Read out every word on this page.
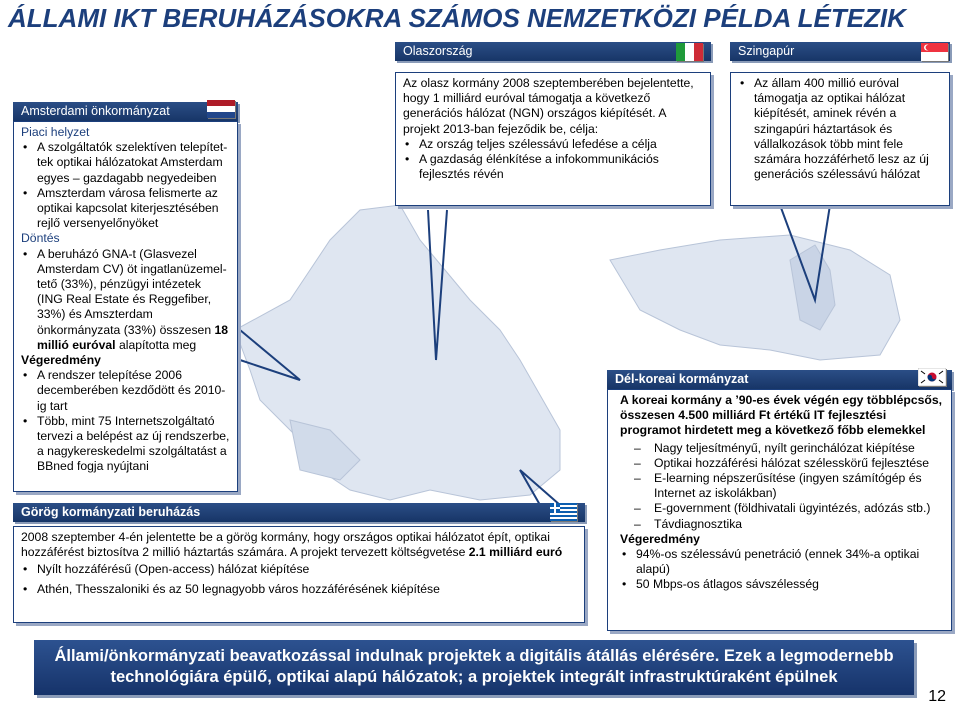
ÁLLAMI IKT BERUHÁZÁSOKRA SZÁMOS NEMZETKÖZI PÉLDA LÉTEZIK
Olaszország

Az olasz kormány 2008 szeptemberében bejelentette, hogy 1 milliárd euróval támogatja a következő generációs hálózat (NGN) országos kiépítését. A projekt 2013-ban fejeződik be, célja:

• Az ország teljes szélessávú lefedése a célja
• A gazdaság élénkítése a infokommunikációs fejlesztés révén
Szingapúr
• Az állam 400 millió euróval támogatja az optikai hálózat kiépítését, aminek révén a szingapúri háztartások és vállalkozások több mint fele számára hozzáférhető lesz az új generációs szélessávú hálózat
Amsterdami önkormányzat

Piaci helyzet

• A szolgáltatók szelektíven telepítet-tek optikai hálózatokat Amsterdam egyes – gazdagabb negyedeiben
• Amszterdam városa felismerte az optikai kapcsolat kiterjesztésében rejlő versenyelőnyöket

Döntés

• A beruházó GNA-t (Glasvezel Amsterdam CV) öt ingatlanüzemel-tető (33%), pénzügyi intézetek (ING Real Estate és Reggefiber, 33%) és Amszterdam önkormányzata (33%) összesen 18 millió euróval alapította meg

Végeredmény

• A rendszer telepítése 2006 decemberében kezdődött és 2010-ig tart
• Több, mint 75 Internetszolgáltató tervezi a belépést az új rendszerbe, a nagykereskedelmi szolgáltatást a BBned fogja nyújtani
Dél-koreai kormányzat

A koreai kormány a ’90-es évek végén egy többlépcsős, összesen 4.500 milliárd Ft értékű IT fejlesztési programot hirdetett meg a következő főbb elemekkel

– Nagy teljesítményű, nyílt gerinchálózat kiépítése
– Optikai hozzáférési hálózat szélesskörű fejlesztése
– E-learning népszerűsítése (ingyen számítógép és Internet az iskolákban)
– E-government (földhivatali ügyintézés, adózás stb.)
– Távdiagnosztika

Végeredmény

• 94%-os szélessávú penetráció (ennek 34%-a optikai alapú)
• 50 Mbps-os átlagos sávszélesség
Görög kormányzati beruházás

2008 szeptember 4-én jelentette be a görög kormány, hogy országos optikai hálózatot épít, optikai hozzáférést biztosítva 2 millió háztartás számára. A projekt tervezett költségvetése 2.1 milliárd euró

• Nyílt hozzáférésű (Open-access) hálózat kiépítése
• Athén, Thesszaloniki és az 50 legnagyobb város hozzáférésének kiépítése
Állami/önkormányzati beavatkozással indulnak projektek a digitális átállás elérésére. Ezek a legmodernebb
technológiára épülő, optikai alapú hálózatok; a projektek integrált infrastruktúraként épülnek
12
